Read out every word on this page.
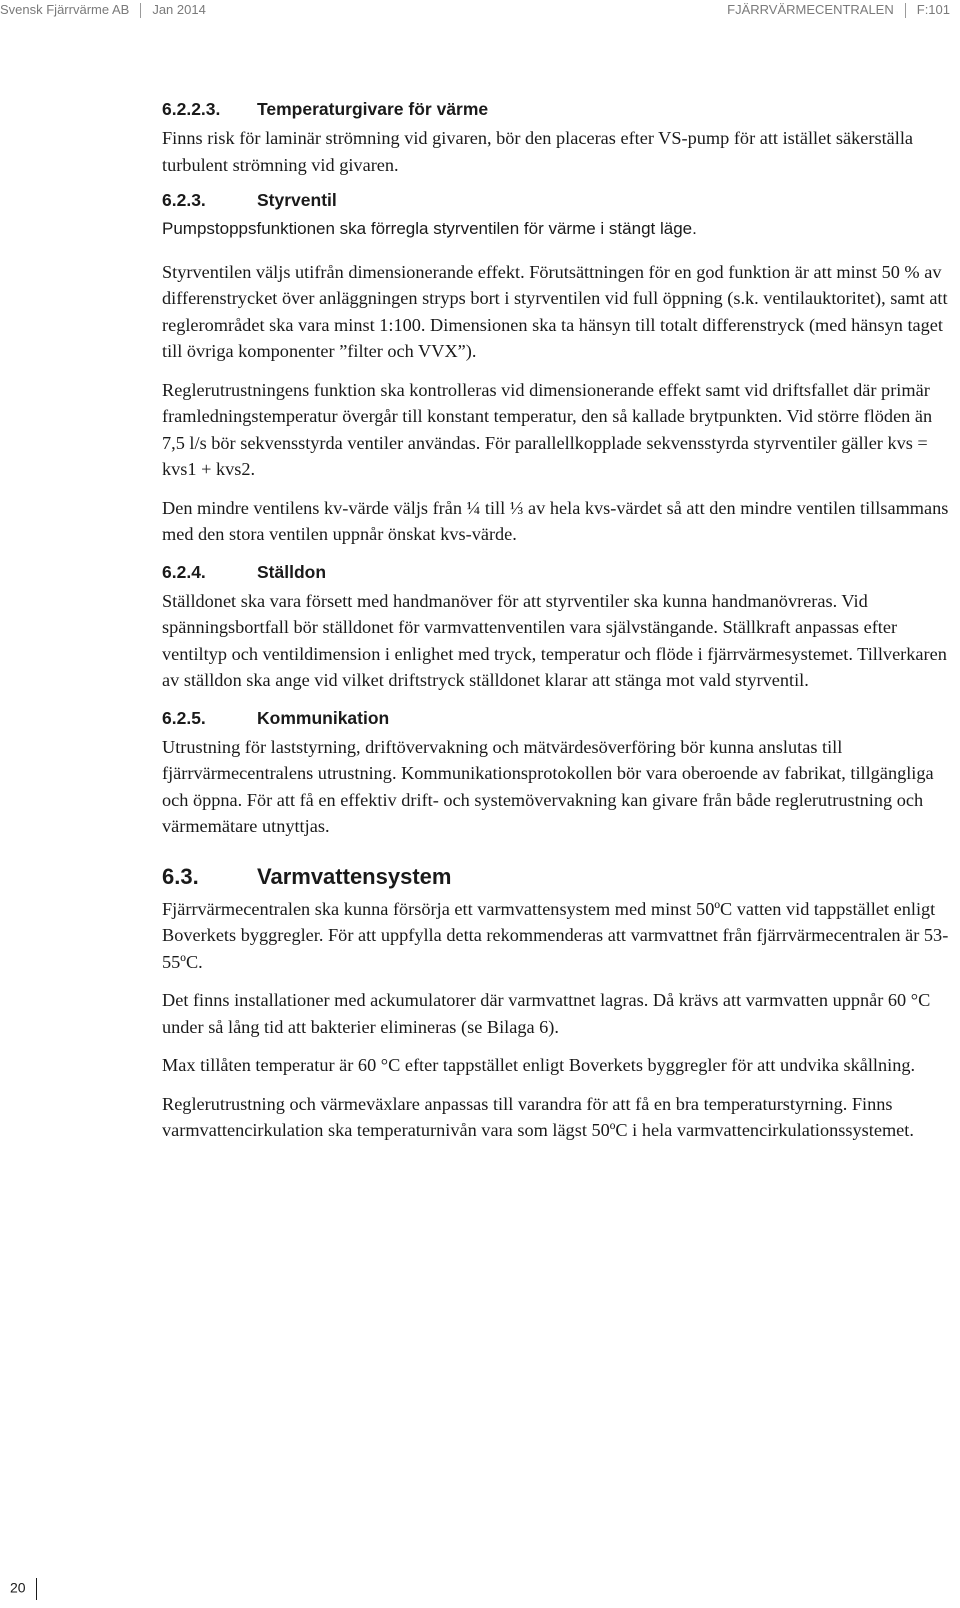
Svensk Fjärrvärme AB Jan 2014	FJÄRRVÄRMECENTRALEN F:101
6.2.2.3. Temperaturgivare för värme

Finns risk för laminär strömning vid givaren, bör den placeras efter VS-pump för att istället säkerställa turbulent strömning vid givaren.

6.2.3.	Styrventil

Pumpstoppsfunktionen ska förregla styrventilen för värme i stängt läge.

Styrventilen väljs utifrån dimensionerande effekt. Förutsättningen för en god funktion är att minst 50 % av differenstrycket över anläggningen stryps bort i styrventilen vid full öppning (s.k. ventilauktoritet), samt att reglerområdet ska vara minst 1:100. Dimensionen ska ta hänsyn till totalt differenstryck (med hänsyn taget till övriga komponenter ”filter och VVX”).

Reglerutrustningens funktion ska kontrolleras vid dimensionerande effekt samt vid driftsfallet där primär framledningstemperatur övergår till konstant temperatur, den så kallade brytpunkten. Vid större flöden än 7,5 l/s bör sekvensstyrda ventiler användas. För parallellkopplade sekvensstyrda styrventiler gäller kvs = kvs1 + kvs2.

Den mindre ventilens kv-värde väljs från ¼ till ⅓ av hela kvs-värdet så att den mindre ventilen tillsammans med den stora ventilen uppnår önskat kvs-värde.

6.2.4.	Ställdon

Ställdonet ska vara försett med handmanöver för att styrventiler ska kunna handmanövreras. Vid spänningsbortfall bör ställdonet för varmvattenventilen vara självstängande. Ställkraft anpassas efter ventiltyp och ventildimension i enlighet med tryck, temperatur och flöde i fjärrvärmesystemet. Tillverkaren av ställdon ska ange vid vilket driftstryck ställdonet klarar att stänga mot vald styrventil.

6.2.5.	Kommunikation

Utrustning för laststyrning, driftövervakning och mätvärdesöverföring bör kunna anslutas till fjärrvärmecentralens utrustning. Kommunikationsprotokollen bör vara oberoende av fabrikat, tillgängliga och öppna. För att få en effektiv drift- och systemövervakning kan givare från både reglerutrustning och värmemätare utnyttjas.

6.3.	Varmvattensystem

Fjärrvärmecentralen ska kunna försörja ett varmvattensystem med minst 50ºC vatten vid tappstället enligt Boverkets byggregler. För att uppfylla detta rekommenderas att varmvattnet från fjärrvärmecentralen är 53-55ºC.

Det finns installationer med ackumulatorer där varmvattnet lagras. Då krävs att varmvatten uppnår 60 °C under så lång tid att bakterier elimineras (se Bilaga 6).

Max tillåten temperatur är 60 °C efter tappstället enligt Boverkets byggregler för att undvika skållning.

Reglerutrustning och värmeväxlare anpassas till varandra för att få en bra temperaturstyrning. Finns varmvattencirkulation ska temperaturnivån vara som lägst 50ºC i hela varmvattencirkulationssystemet.

20
